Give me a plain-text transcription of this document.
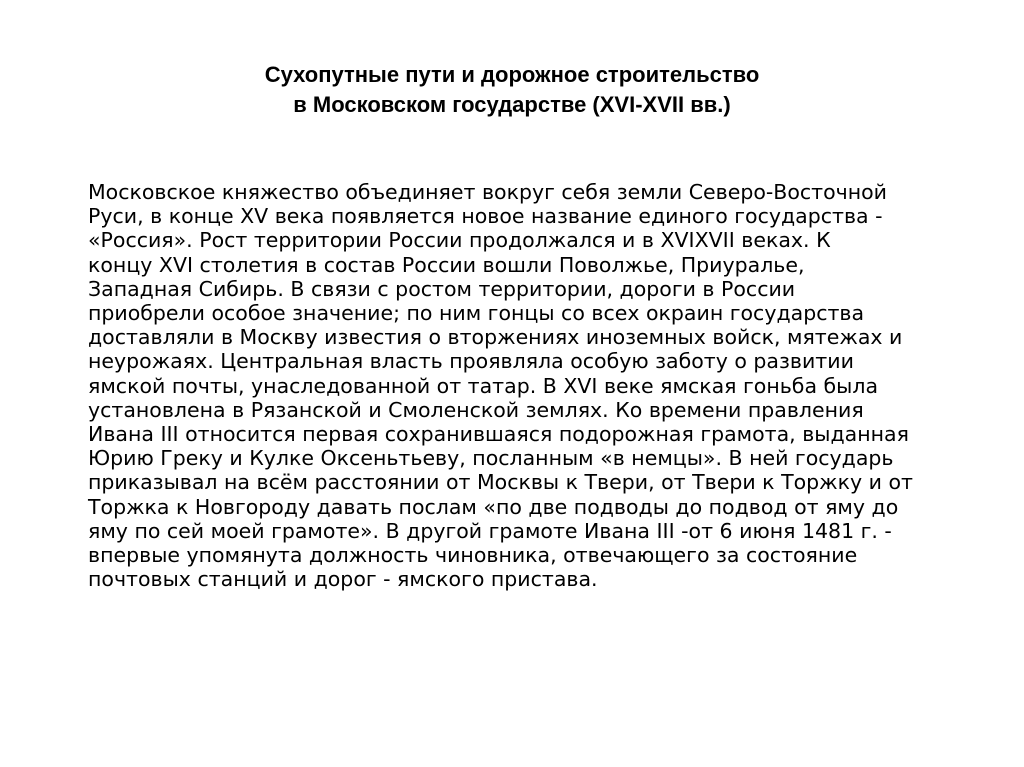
Сухопутные пути и дорожное строительство
в Московском государстве (XVI-XVII вв.)
Московское княжество объединяет вокруг себя земли Северо-Восточной
Руси, в конце XV века появляется новое название единого государства -
«Россия». Рост территории России продолжался и в XVIXVII веках. К
концу XVI столетия в состав России вошли Поволжье, Приуралье,
Западная Сибирь. В связи с ростом территории, дороги в России
приобрели особое значение; по ним гонцы со всех окраин государства
доставляли в Москву известия о вторжениях иноземных войск, мятежах и
неурожаях. Центральная власть проявляла особую заботу о развитии
ямской почты, унаследованной от татар. В XVI веке ямская гоньба была
установлена в Рязанской и Смоленской землях. Ко времени правления
Ивана III относится первая сохранившаяся подорожная грамота, выданная
Юрию Греку и Кулке Оксеньтьеву, посланным «в немцы». В ней государь
приказывал на всём расстоянии от Москвы к Твери, от Твери к Торжку и от
Торжка к Новгороду давать послам «по две подводы до подвод от яму до
яму по сей моей грамоте». В другой грамоте Ивана III -от 6 июня 1481 г. -
впервые упомянута должность чиновника, отвечающего за состояние
почтовых станций и дорог - ямского пристава.
